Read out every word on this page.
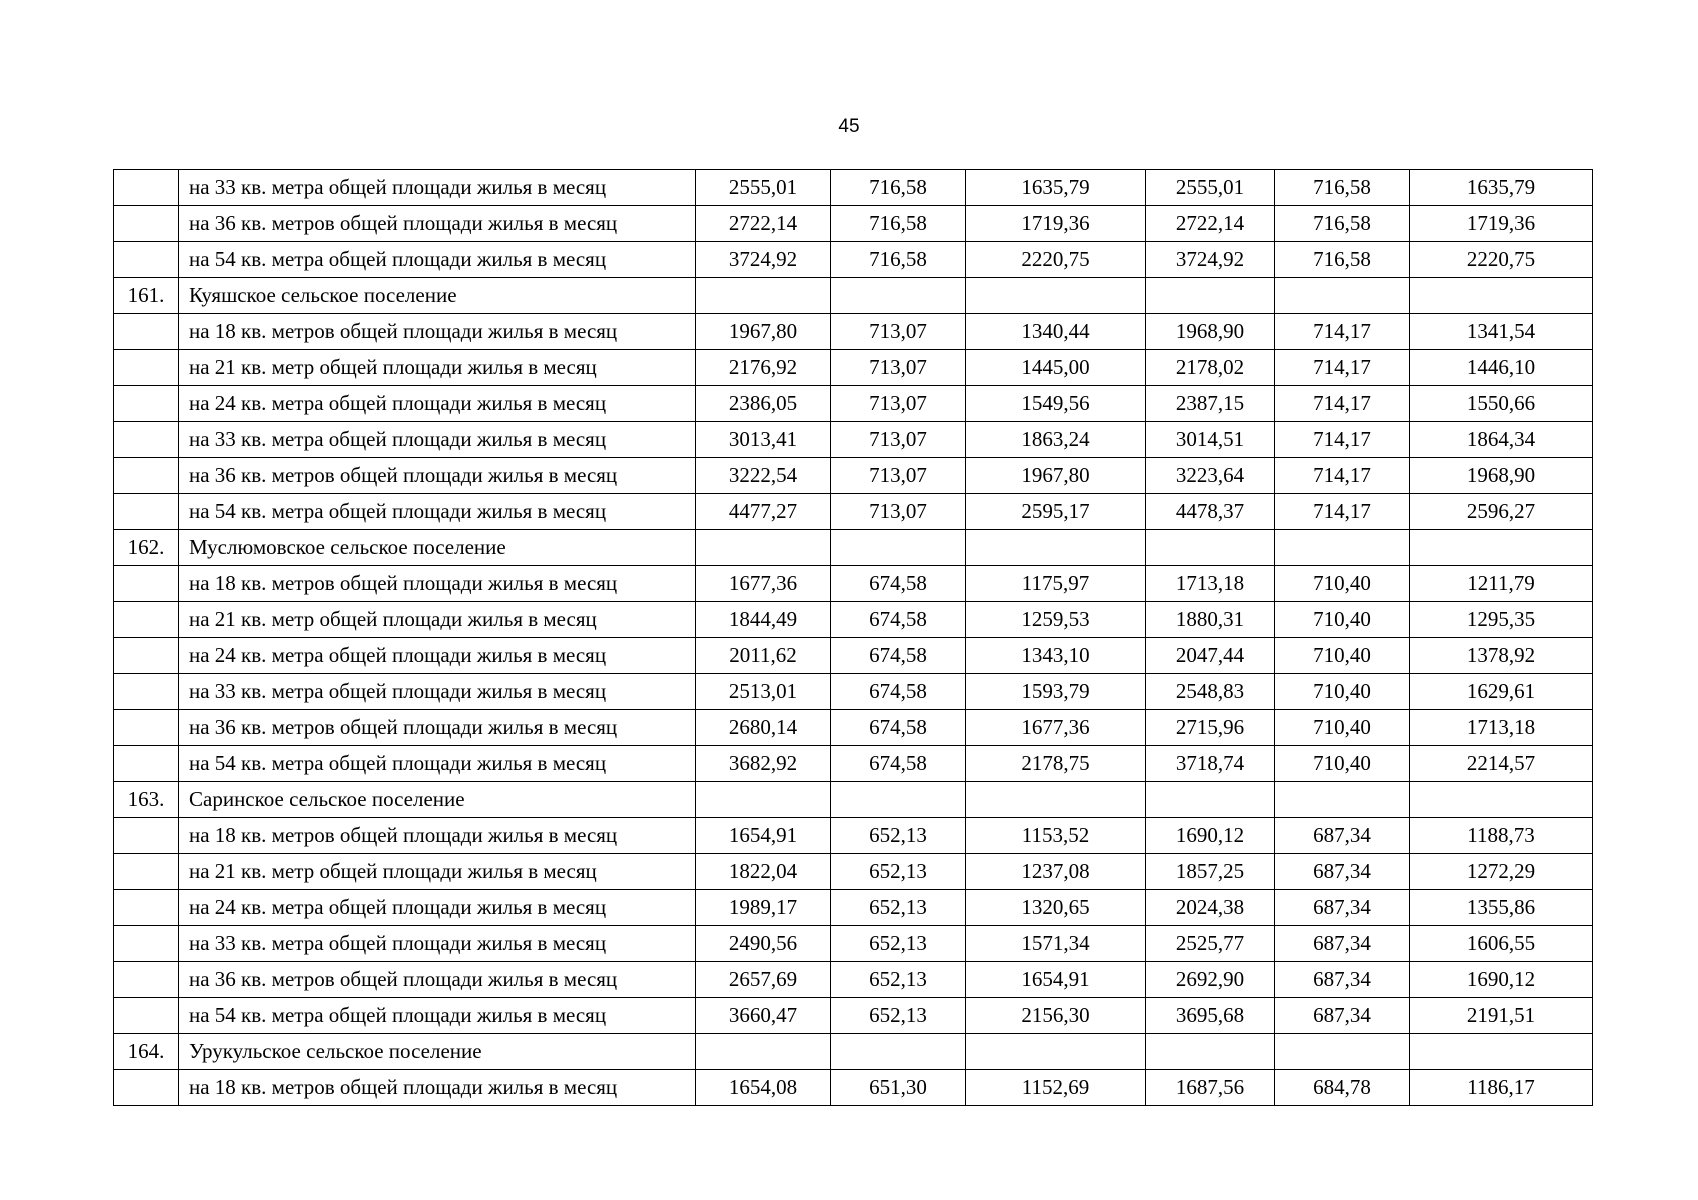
45
	на 33 кв. метра общей площади жилья в месяц	2555,01	716,58	1635,79	2555,01	716,58	1635,79
	на 36 кв. метров общей площади жилья в месяц	2722,14	716,58	1719,36	2722,14	716,58	1719,36
	на 54 кв. метра общей площади жилья в месяц	3724,92	716,58	2220,75	3724,92	716,58	2220,75
161.	Куяшское сельское поселение						
	на 18 кв. метров общей площади жилья в месяц	1967,80	713,07	1340,44	1968,90	714,17	1341,54
	на 21 кв. метр общей площади жилья в месяц	2176,92	713,07	1445,00	2178,02	714,17	1446,10
	на 24 кв. метра общей площади жилья в месяц	2386,05	713,07	1549,56	2387,15	714,17	1550,66
	на 33 кв. метра общей площади жилья в месяц	3013,41	713,07	1863,24	3014,51	714,17	1864,34
	на 36 кв. метров общей площади жилья в месяц	3222,54	713,07	1967,80	3223,64	714,17	1968,90
	на 54 кв. метра общей площади жилья в месяц	4477,27	713,07	2595,17	4478,37	714,17	2596,27
162.	Муслюмовское сельское поселение						
	на 18 кв. метров общей площади жилья в месяц	1677,36	674,58	1175,97	1713,18	710,40	1211,79
	на 21 кв. метр общей площади жилья в месяц	1844,49	674,58	1259,53	1880,31	710,40	1295,35
	на 24 кв. метра общей площади жилья в месяц	2011,62	674,58	1343,10	2047,44	710,40	1378,92
	на 33 кв. метра общей площади жилья в месяц	2513,01	674,58	1593,79	2548,83	710,40	1629,61
	на 36 кв. метров общей площади жилья в месяц	2680,14	674,58	1677,36	2715,96	710,40	1713,18
	на 54 кв. метра общей площади жилья в месяц	3682,92	674,58	2178,75	3718,74	710,40	2214,57
163.	Саринское сельское поселение						
	на 18 кв. метров общей площади жилья в месяц	1654,91	652,13	1153,52	1690,12	687,34	1188,73
	на 21 кв. метр общей площади жилья в месяц	1822,04	652,13	1237,08	1857,25	687,34	1272,29
	на 24 кв. метра общей площади жилья в месяц	1989,17	652,13	1320,65	2024,38	687,34	1355,86
	на 33 кв. метра общей площади жилья в месяц	2490,56	652,13	1571,34	2525,77	687,34	1606,55
	на 36 кв. метров общей площади жилья в месяц	2657,69	652,13	1654,91	2692,90	687,34	1690,12
	на 54 кв. метра общей площади жилья в месяц	3660,47	652,13	2156,30	3695,68	687,34	2191,51
164.	Урукульское сельское поселение						
	на 18 кв. метров общей площади жилья в месяц	1654,08	651,30	1152,69	1687,56	684,78	1186,17
